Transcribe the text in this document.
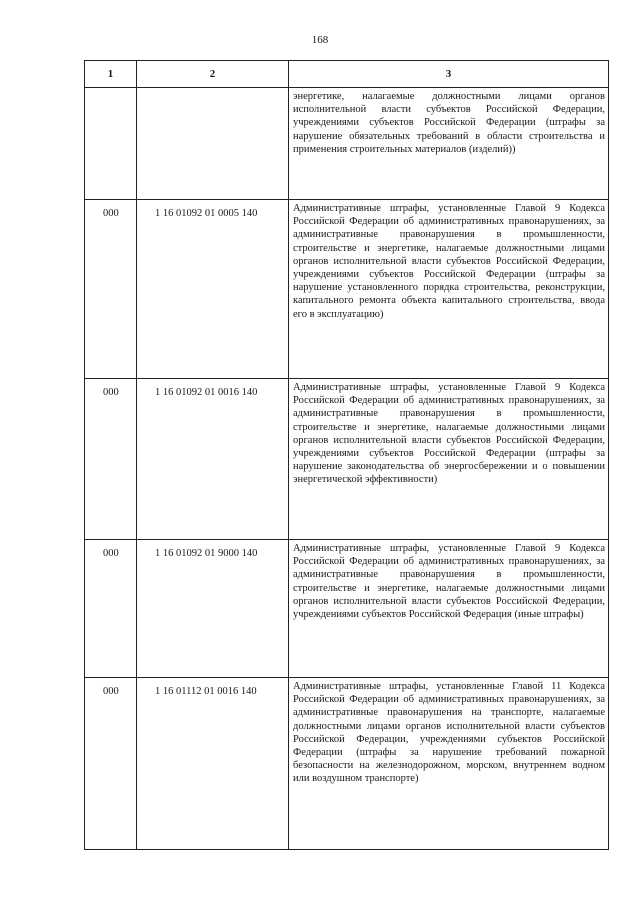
168
1	2	3
		энергетике, налагаемые должностными лицами органов исполнительной власти субъектов Российской Федерации, учреждениями субъектов Российской Федерации (штрафы за нарушение обязательных требований в области строительства и применения строительных материалов (изделий))
000	1 16 01092 01 0005 140	Административные штрафы, установленные Главой 9 Кодекса Российской Федерации об административных правонарушениях, за административные правонарушения в промышленности, строительстве и энергетике, налагаемые должностными лицами органов исполнительной власти субъектов Российской Федерации, учреждениями субъектов Российской Федерации (штрафы за нарушение установленного порядка строительства, реконструкции, капитального ремонта объекта капитального строительства, ввода его в эксплуатацию)
000	1 16 01092 01 0016 140	Административные штрафы, установленные Главой 9 Кодекса Российской Федерации об административных правонарушениях, за административные правонарушения в промышленности, строительстве и энергетике, налагаемые должностными лицами органов исполнительной власти субъектов Российской Федерации, учреждениями субъектов Российской Федерации (штрафы за нарушение законодательства об энергосбережении и о повышении энергетической эффективности)
000	1 16 01092 01 9000 140	Административные штрафы, установленные Главой 9 Кодекса Российской Федерации об административных правонарушениях, за административные правонарушения в промышленности, строительстве и энергетике, налагаемые должностными лицами органов исполнительной власти субъектов Российской Федерации, учреждениями субъектов Российской Федерация (иные штрафы)
000	1 16 01112 01 0016 140	Административные штрафы, установленные Главой 11 Кодекса Российской Федерации об административных правонарушениях, за административные правонарушения на транспорте, налагаемые должностными лицами органов исполнительной власти субъектов Российской Федерации, учреждениями субъектов Российской Федерации (штрафы за нарушение требований пожарной безопасности на железнодорожном, морском, внутреннем водном или воздушном транспорте)
